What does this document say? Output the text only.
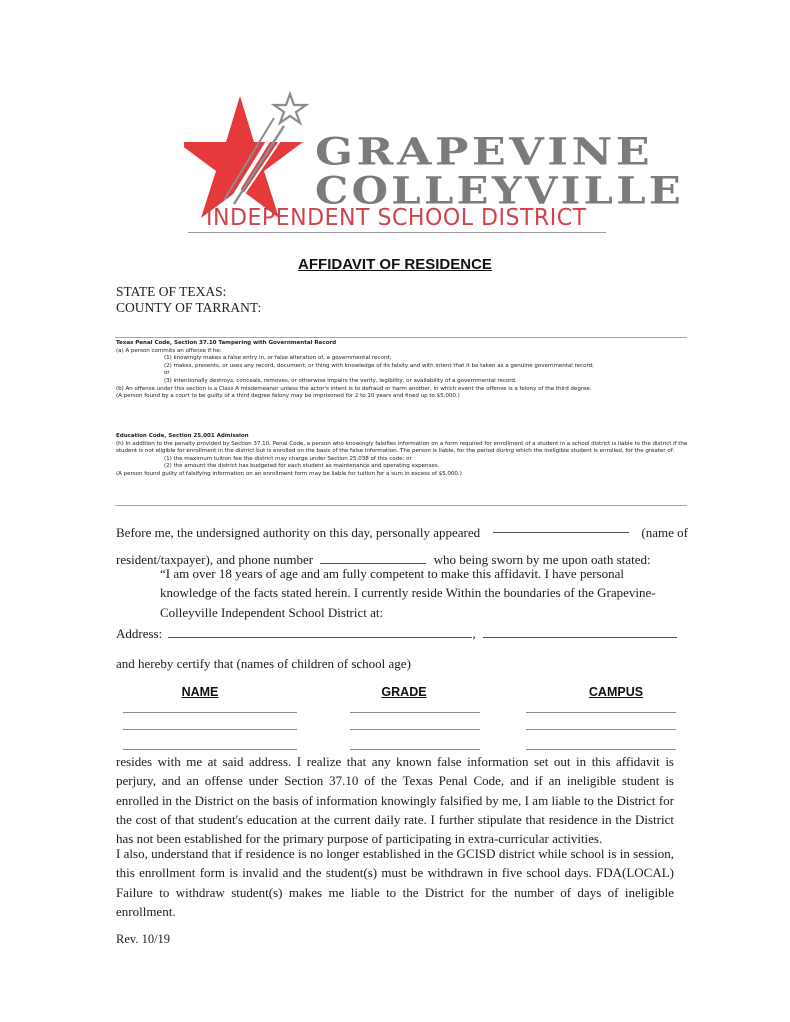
GRAPEVINE
COLLEYVILLE
INDEPENDENT SCHOOL DISTRICT
AFFIDAVIT OF RESIDENCE
STATE OF TEXAS:
COUNTY OF TARRANT:

Texas Penal Code, Section 37.10 Tampering with Governmental Record

(a) A person commits an offense if he:

(1) knowingly makes a false entry in, or false alteration of, a governmental record;

(2) makes, presents, or uses any record, document, or thing with knowledge of its falsity and with intent that it be taken as a genuine governmental record;

or

(3) intentionally destroys, conceals, removes, or otherwise impairs the verity, legibility, or availability of a governmental record.

(b) An offense under this section is a Class A misdemeanor unless the actor's intent is to defraud or harm another, in which event the offense is a felony of the third degree.

(A person found by a court to be guilty of a third degree felony may be imprisoned for 2 to 10 years and fined up to $5,000.)

Education Code, Section 25.001 Admission

(h) In addition to the penalty provided by Section 37.10, Penal Code, a person who knowingly falsifies information on a form required for enrollment of a student in a school district is liable to the district if the student is not eligible for enrollment in the district but is enrolled on the basis of the false information. The person is liable, for the period during which the ineligible student is enrolled, for the greater of:

(1) the maximum tuition fee the district may charge under Section 25.038 of this code; or

(2) the amount the district has budgeted for each student as maintenance and operating expenses.

(A person found guilty of falsifying information on an enrollment form may be liable for tuition for a sum in excess of $5,000.)

Before me, the undersigned authority on this day, personally appeared	(name of
resident/taxpayer), and phone number	who being sworn by me upon oath stated:
“I am over 18 years of age and am fully competent to make this affidavit. I have personal knowledge of the facts stated herein. I currently reside Within the boundaries of the Grapevine-Colleyville Independent School District at:
Address:	,
and hereby certify that (names of children of school age)
NAME	GRADE	CAMPUS
resides with me at said address. I realize that any known false information set out in this affidavit is perjury, and an offense under Section 37.10 of the Texas Penal Code, and if an ineligible student is enrolled in the District on the basis of information knowingly falsified by me, I am liable to the District for the cost of that student's education at the current daily rate. I further stipulate that residence in the District has not been established for the primary purpose of participating in extra-curricular activities.
I also, understand that if residence is no longer established in the GCISD district while school is in session, this enrollment form is invalid and the student(s) must be withdrawn in five school days. FDA(LOCAL) Failure to withdraw student(s) makes me liable to the District for the number of days of ineligible enrollment.
Rev. 10/19
